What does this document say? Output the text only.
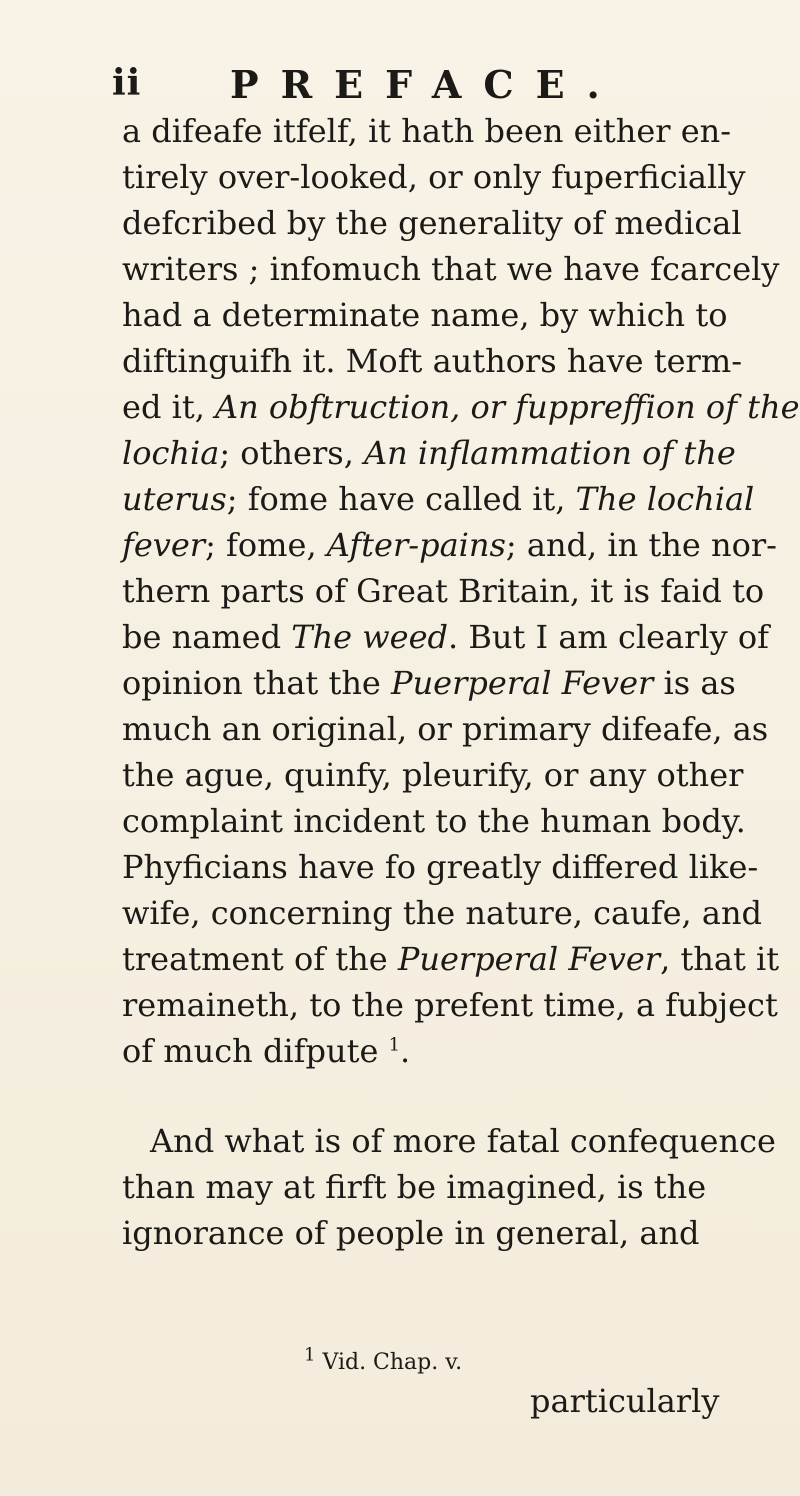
ii PREFACE.
a difeafe itfelf, it hath been either en-
tirely over-looked, or only fuperficially
defcribed by the generality of medical
writers ; infomuch that we have fcarcely
had a determinate name, by which to
diftinguifh it. Moft authors have term-
ed it, An obftruction, or fuppreffion of the
lochia; others, An inflammation of the
uterus; fome have called it, The lochial
fever; fome, After-pains; and, in the nor-
thern parts of Great Britain, it is faid to
be named The weed. But I am clearly of
opinion that the Puerperal Fever is as
much an original, or primary difeafe, as
the ague, quinfy, pleurify, or any other
complaint incident to the human body.
Phyficians have fo greatly differed like-
wife, concerning the nature, caufe, and
treatment of the Puerperal Fever, that it
remaineth, to the prefent time, a fubject
of much difpute $^1$.
And what is of more fatal confequence
than may at firft be imagined, is the
ignorance of people in general, and
$^1$ Vid. Chap. v.
particularly
